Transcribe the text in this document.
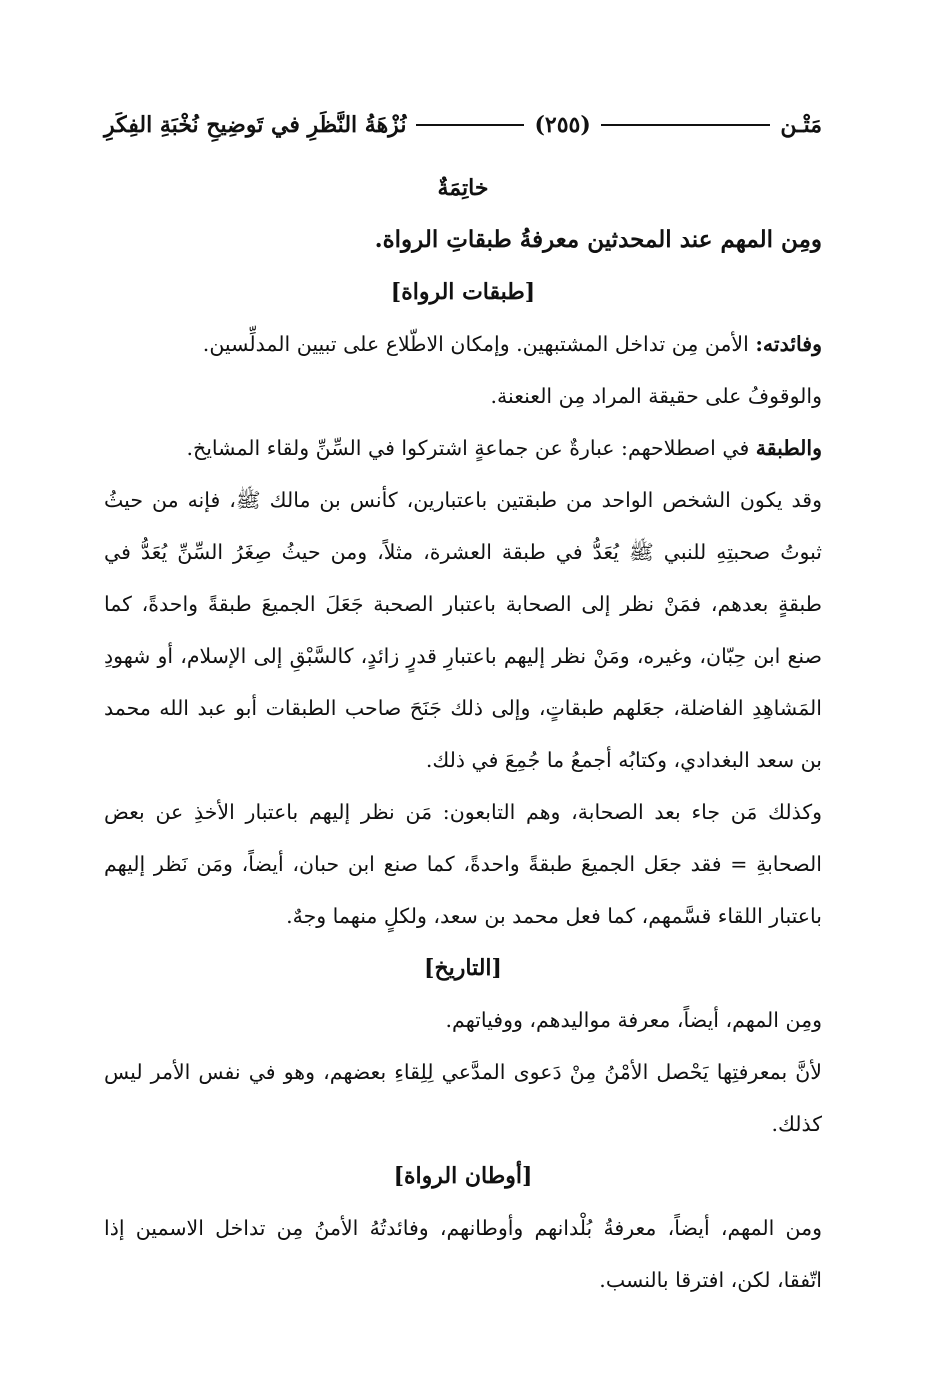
مَتْـن
(٢٥٥)
نُزْهَةُ النَّظَرِ في تَوضِيحِ نُخْبَةِ الفِكَرِ

خاتِمَةٌ

ومِن المهم عند المحدثين معرفةُ طبقاتِ الرواة.

[طبقات الرواة]

وفائدته: الأمن مِن تداخل المشتبهين. وإمكان الاطّلاع على تبيين المدلِّسين.

والوقوفُ على حقيقة المراد مِن العنعنة.

والطبقة في اصطلاحهم: عبارةٌ عن جماعةٍ اشتركوا في السِّنِّ ولقاء المشايخ.

وقد يكون الشخص الواحد من طبقتين باعتبارين، كأنس بن مالك ﷺ، فإنه من حيثُ ثبوتُ صحبتِهِ للنبي ﷺ يُعَدُّ في طبقة العشرة، مثلاً، ومن حيثُ صِغَرُ السِّنِّ يُعَدُّ في طبقةٍ بعدهم، فمَنْ نظر إلى الصحابة باعتبار الصحبة جَعَلَ الجميعَ طبقةً واحدةً، كما صنع ابن حِبّان، وغيره، ومَنْ نظر إليهم باعتبارِ قدرٍ زائدٍ، كالسَّبْقِ إلى الإسلام، أو شهودِ المَشاهِدِ الفاضلة، جعَلهم طبقاتٍ، وإلى ذلك جَنَحَ صاحب الطبقات أبو عبد الله محمد بن سعد البغدادي، وكتابُه أجمعُ ما جُمِعَ في ذلك.

وكذلك مَن جاء بعد الصحابة، وهم التابعون: مَن نظر إليهم باعتبار الأخذِ عن بعض الصحابةِ = فقد جعَل الجميعَ طبقةً واحدةً، كما صنع ابن حبان، أيضاً، ومَن نَظر إليهم باعتبار اللقاء قسَّمهم، كما فعل محمد بن سعد، ولكلٍ منهما وجهٌ.

[التاريخ]

ومِن المهم، أيضاً، معرفة مواليدهم، ووفياتهم.

لأنَّ بمعرفتِها يَحْصل الأمْنُ مِنْ دَعوى المدَّعي لِلِقاءِ بعضهم، وهو في نفس الأمر ليس كذلك.

[أوطان الرواة]

ومن المهم، أيضاً، معرفةُ بُلْدانهم وأوطانهم، وفائدتُهُ الأمنُ مِن تداخل الاسمين إذا اتّفقا، لكن، افترقا بالنسب.
